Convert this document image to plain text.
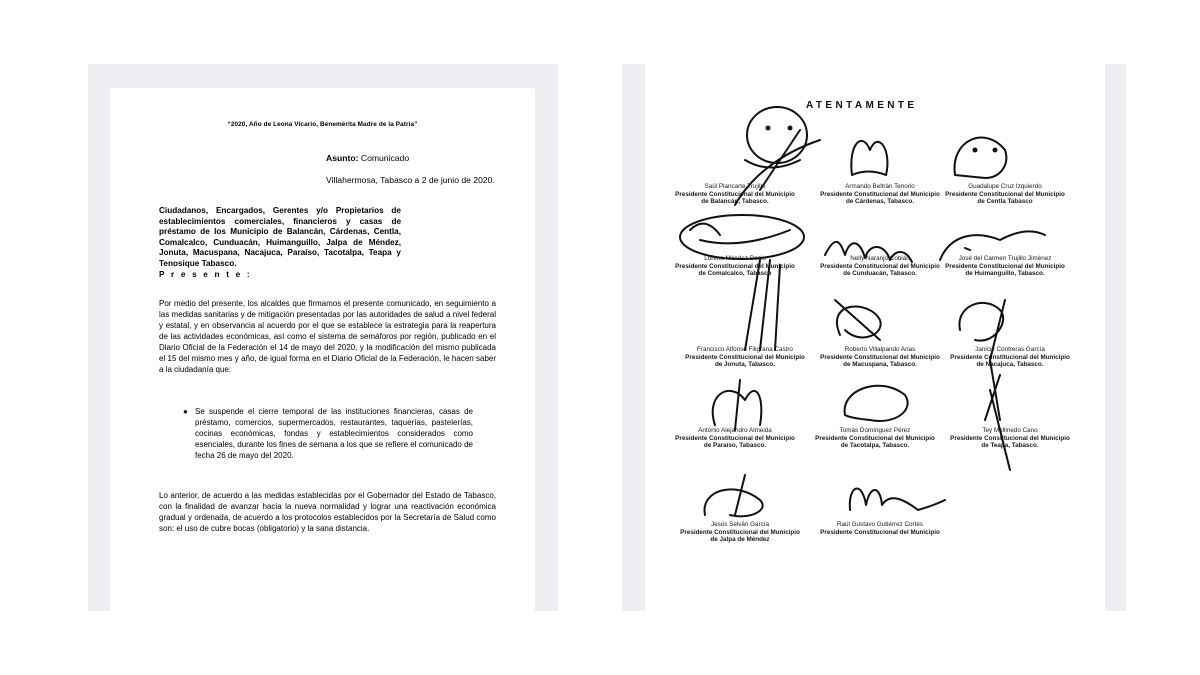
“2020, Año de Leona Vicario, Benemérita Madre de la Patria”
Asunto: Comunicado
Villahermosa, Tabasco a 2 de junio de 2020.
Ciudadanos, Encargados, Gerentes y/o Propietarios de establecimientos comerciales, financieros y casas de préstamo de los Municipio de Balancán, Cárdenas, Centla, Comalcalco, Cunduacán, Huimanguillo, Jalpa de Méndez, Jonuta, Macuspana, Nacajuca, Paraíso, Tacotalpa, Teapa y Tenosique Tabasco.
P r e s e n t e :
Por medio del presente, los alcaldes que firmamos el presente comunicado, en seguimiento a las medidas sanitarias y de mitigación presentadas por las autoridades de salud a nivel federal y estatal, y en observancia al acuerdo por el que se establece la estrategia para la reapertura de las actividades económicas, así como el sistema de semáforos por región, publicado en el Diario Oficial de la Federación el 14 de mayo del 2020, y la modificación del mismo publicada el 15 del mismo mes y año, de igual forma en el Diario Oficial de la Federación, le hacen saber a la ciudadanía que:
● Se suspende el cierre temporal de las instituciones financieras, casas de préstamo, comercios, supermercados, restaurantes, taquerías, pastelerías, cocinas económicas, fondas y establecimientos considerados como esenciales, durante los fines de semana a los que se refiere el comunicado de fecha 26 de mayo del 2020.
Lo anterior, de acuerdo a las medidas establecidas por el Gobernador del Estado de Tabasco, con la finalidad de avanzar hacia la nueva normalidad y lograr una reactivación económica gradual y ordenada, de acuerdo a los protocolos establecidos por la Secretaría de Salud como son: el uso de cubre bocas (obligatorio) y la sana distancia.
ATENTAMENTE
Saúl Plancarte Trujillo
Presidente Constitucional del Municipio
de Balancán, Tabasco.
Armando Beltrán Tenorio
Presidente Constitucional del Municipio
de Cárdenas, Tabasco.
Guadalupe Cruz Izquierdo
Presidente Constitucional del Municipio
de Centla Tabasco
Lorena Méndez Denis
Presidente Constitucional del Municipio
de Comalcalco, Tabasco
Nelly Naranjo Cobián
Presidente Constitucional del Municipio
de Cunduacán, Tabasco.
José del Carmen Trujillo Jiménez
Presidente Constitucional del Municipio
de Huimanguillo, Tabasco.
Francisco Alfonso Filigrana Castro
Presidente Constitucional del Municipio
de Jonuta, Tabasco.
Roberto Villalpando Arias
Presidente Constitucional del Municipio
de Macuspana, Tabasco.
Janicie Contreras García
Presidente Constitucional del Municipio
de Nacajuca, Tabasco.
Antonio Alejandro Almeida
Presidente Constitucional del Municipio
de Paraíso, Tabasco.
Tomás Domínguez Pérez
Presidente Constitucional del Municipio
de Tacotalpa, Tabasco.
Tey Mollinedo Cano
Presidente Constitucional del Municipio
de Teapa, Tabasco.
Jesús Selván García
Presidente Constitucional del Municipio
de Jalpa de Méndez
Raúl Gustavo Gutiérrez Cortés
Presidente Constitucional del Municipio
